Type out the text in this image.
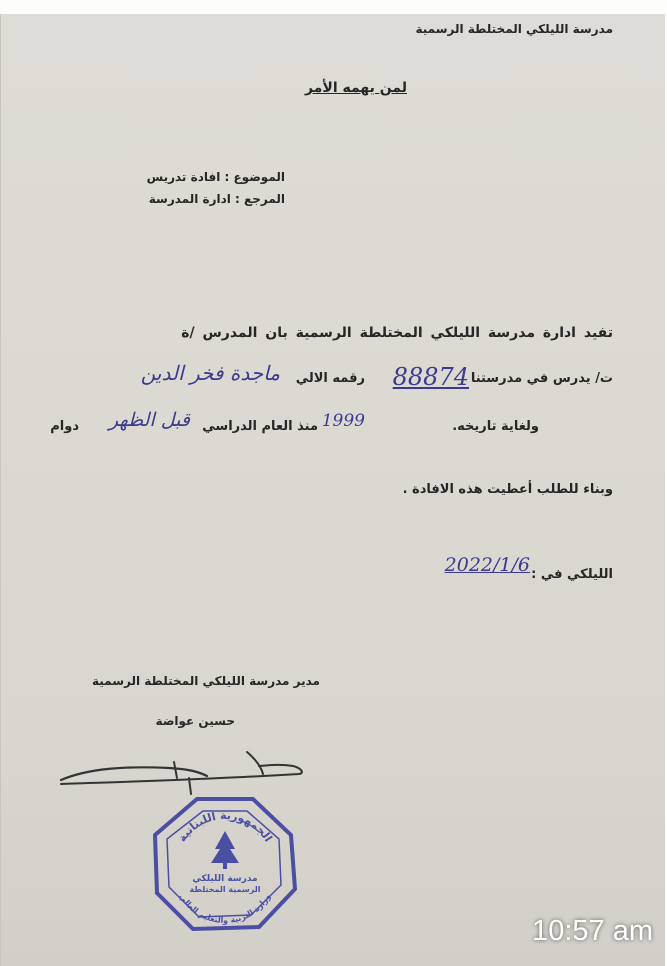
مدرسة الليلكي المختلطة الرسمية
لمن يهمه الأمر
الموضوع : افادة تدريس
المرجع : ادارة المدرسة
تفيد ادارة مدرسة الليلكي المختلطة الرسمية بان المدرس /ة
ت/ يدرس في مدرستنا
88874
رقمه الالي
ماجدة فخر الدين
دوام قبل الظهر منذ العام الدراسي 1999	ولغاية تاريخه.
وبناء للطلب أعطيت هذه الافادة .
الليلكي في :
2022/1/6
مدير مدرسة الليلكي المختلطة الرسمية
حسين عواضة
الجمهورية اللبنانية
مدرسة الليلكي
الرسمية المختلطة
وزارة التربية والتعليم العالي
10:57 am
